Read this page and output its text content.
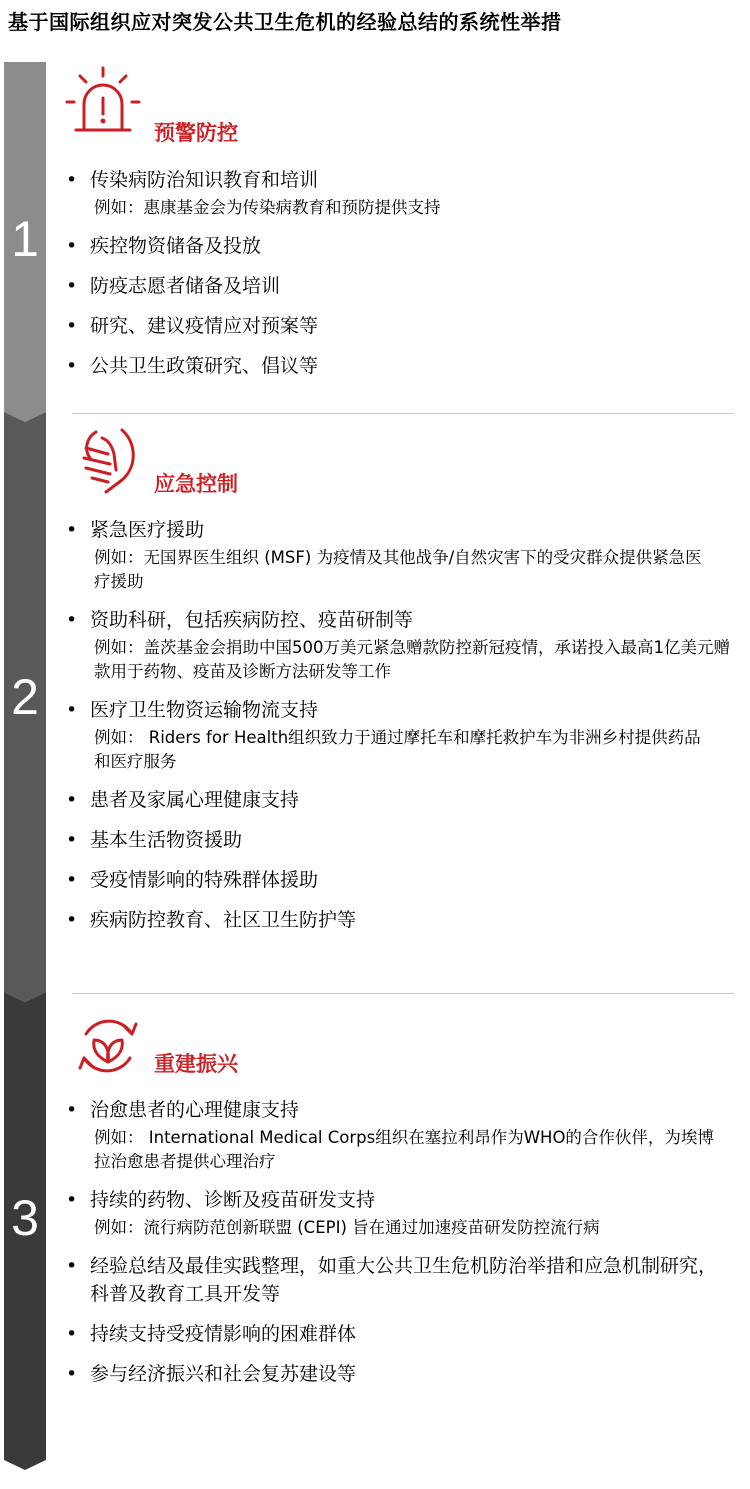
基于国际组织应对突发公共卫生危机的经验总结的系统性举措
1
2
3
预警防控
• 传染病防治知识教育和培训
例如：惠康基金会为传染病教育和预防提供支持
• 疾控物资储备及投放
• 防疫志愿者储备及培训
• 研究、建议疫情应对预案等
• 公共卫生政策研究、倡议等
应急控制
• 紧急医疗援助
例如：无国界医生组织 (MSF) 为疫情及其他战争/自然灾害下的受灾群众提供紧急医疗援助
• 资助科研，包括疾病防控、疫苗研制等
例如：盖茨基金会捐助中国500万美元紧急赠款防控新冠疫情，承诺投入最高1亿美元赠款用于药物、疫苗及诊断方法研发等工作
• 医疗卫生物资运输物流支持
例如： Riders for Health组织致力于通过摩托车和摩托救护车为非洲乡村提供药品和医疗服务
• 患者及家属心理健康支持
• 基本生活物资援助
• 受疫情影响的特殊群体援助
• 疾病防控教育、社区卫生防护等
重建振兴
• 治愈患者的心理健康支持
例如： International Medical Corps组织在塞拉利昂作为WHO的合作伙伴，为埃博拉治愈患者提供心理治疗
• 持续的药物、诊断及疫苗研发支持
例如：流行病防范创新联盟 (CEPI) 旨在通过加速疫苗研发防控流行病
• 经验总结及最佳实践整理，如重大公共卫生危机防治举措和应急机制研究，科普及教育工具开发等
• 持续支持受疫情影响的困难群体
• 参与经济振兴和社会复苏建设等
